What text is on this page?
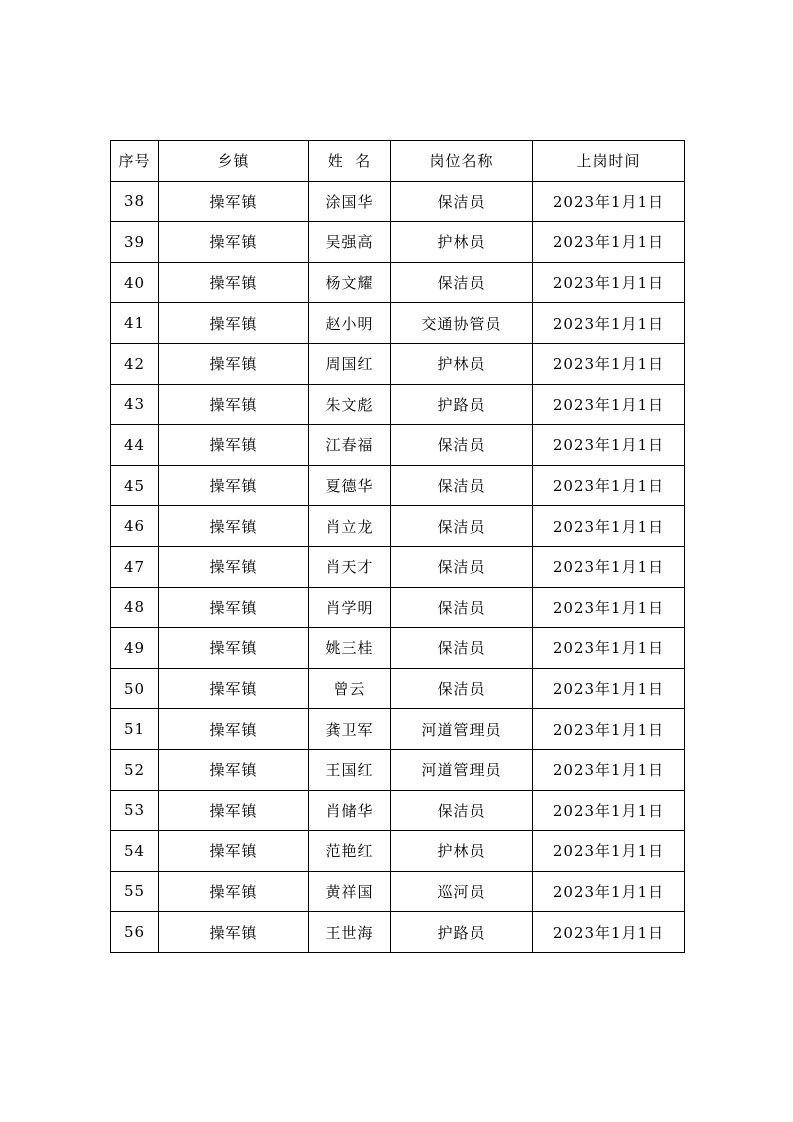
序号	乡镇	姓  名	岗位名称	上岗时间
38	操军镇	涂国华	保洁员	2023年1月1日
39	操军镇	吴强高	护林员	2023年1月1日
40	操军镇	杨文耀	保洁员	2023年1月1日
41	操军镇	赵小明	交通协管员	2023年1月1日
42	操军镇	周国红	护林员	2023年1月1日
43	操军镇	朱文彪	护路员	2023年1月1日
44	操军镇	江春福	保洁员	2023年1月1日
45	操军镇	夏德华	保洁员	2023年1月1日
46	操军镇	肖立龙	保洁员	2023年1月1日
47	操军镇	肖天才	保洁员	2023年1月1日
48	操军镇	肖学明	保洁员	2023年1月1日
49	操军镇	姚三桂	保洁员	2023年1月1日
50	操军镇	曾云	保洁员	2023年1月1日
51	操军镇	龚卫军	河道管理员	2023年1月1日
52	操军镇	王国红	河道管理员	2023年1月1日
53	操军镇	肖储华	保洁员	2023年1月1日
54	操军镇	范艳红	护林员	2023年1月1日
55	操军镇	黄祥国	巡河员	2023年1月1日
56	操军镇	王世海	护路员	2023年1月1日
